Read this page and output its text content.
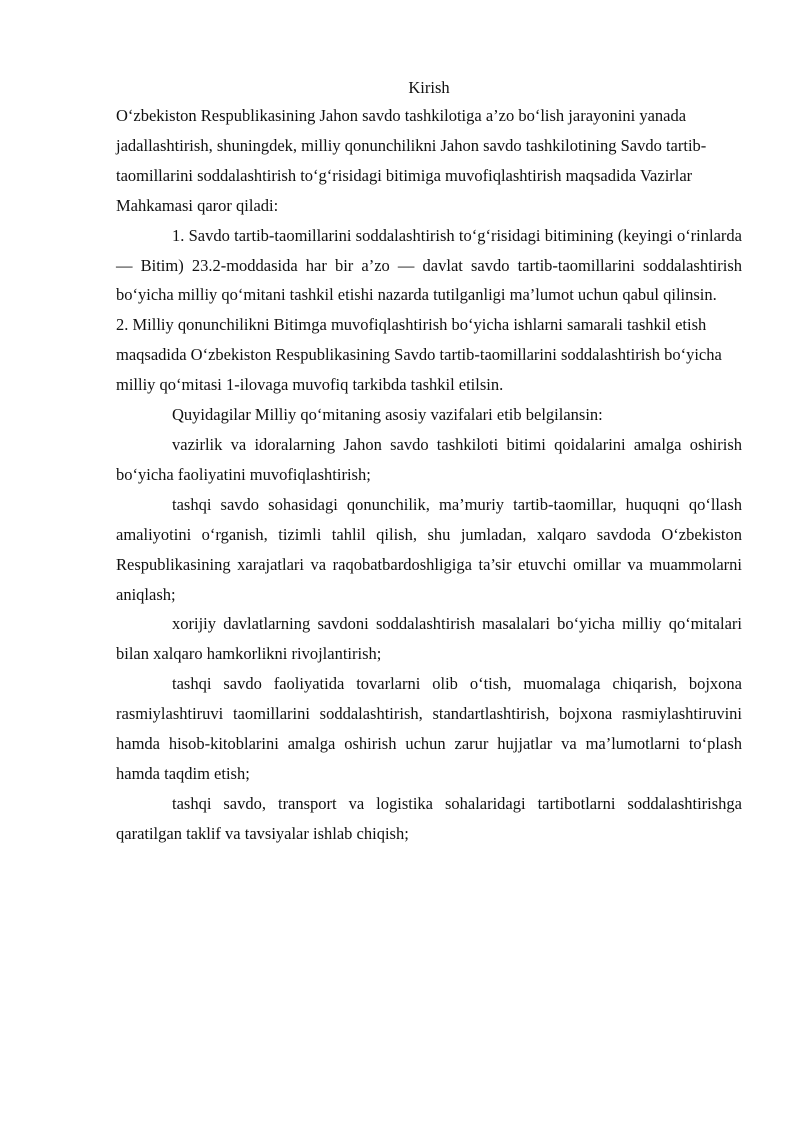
Kirish

O‘zbekiston Respublikasining Jahon savdo tashkilotiga a’zo bo‘lish jarayonini yanada jadallashtirish, shuningdek, milliy qonunchilikni Jahon savdo tashkilotining Savdo tartib-taomillarini soddalashtirish to‘g‘risidagi bitimiga muvofiqlashtirish maqsadida Vazirlar Mahkamasi qaror qiladi:

1. Savdo tartib-taomillarini soddalashtirish to‘g‘risidagi bitimining (keyingi o‘rinlarda — Bitim) 23.2-moddasida har bir a’zo — davlat savdo tartib-taomillarini soddalashtirish bo‘yicha milliy qo‘mitani tashkil etishi nazarda tutilganligi ma’lumot uchun qabul qilinsin.

2. Milliy qonunchilikni Bitimga muvofiqlashtirish bo‘yicha ishlarni samarali tashkil etish maqsadida O‘zbekiston Respublikasining Savdo tartib-taomillarini soddalashtirish bo‘yicha milliy qo‘mitasi 1-ilovaga muvofiq tarkibda tashkil etilsin.

Quyidagilar Milliy qo‘mitaning asosiy vazifalari etib belgilansin:

vazirlik va idoralarning Jahon savdo tashkiloti bitimi qoidalarini amalga oshirish bo‘yicha faoliyatini muvofiqlashtirish;

tashqi savdo sohasidagi qonunchilik, ma’muriy tartib-taomillar, huquqni qo‘llash amaliyotini o‘rganish, tizimli tahlil qilish, shu jumladan, xalqaro savdoda O‘zbekiston Respublikasining xarajatlari va raqobatbardoshligiga ta’sir etuvchi omillar va muammolarni aniqlash;

xorijiy davlatlarning savdoni soddalashtirish masalalari bo‘yicha milliy qo‘mitalari bilan xalqaro hamkorlikni rivojlantirish;

tashqi savdo faoliyatida tovarlarni olib o‘tish, muomalaga chiqarish, bojxona rasmiylashtiruvi taomillarini soddalashtirish, standartlashtirish, bojxona rasmiylashtiruvini hamda hisob-kitoblarini amalga oshirish uchun zarur hujjatlar va ma’lumotlarni to‘plash hamda taqdim etish;

tashqi savdo, transport va logistika sohalaridagi tartibotlarni soddalashtirishga qaratilgan taklif va tavsiyalar ishlab chiqish;
